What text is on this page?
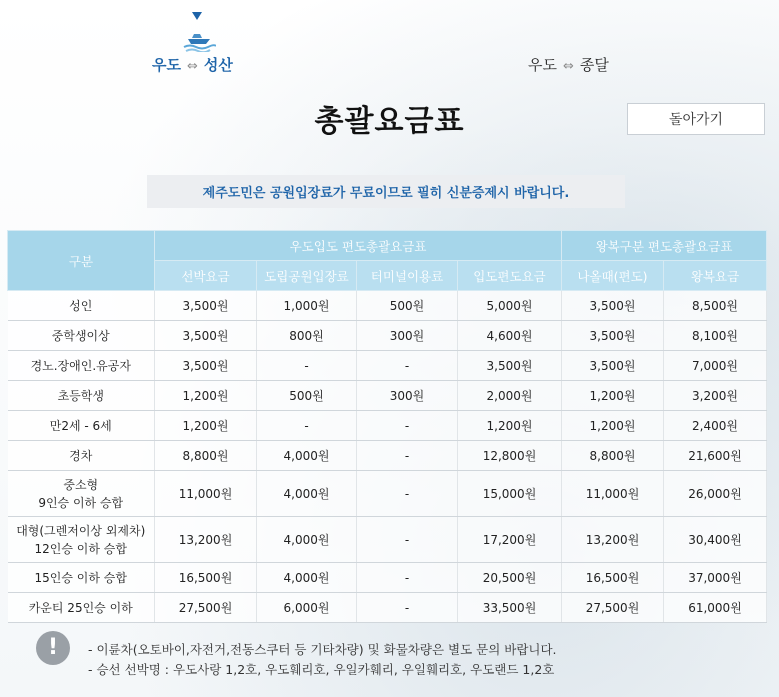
우도 ⇔ 성산	우도 ⇔ 종달
총괄요금표	돌아가기
제주도민은 공원입장료가 무료이므로 필히 신분증제시 바랍니다.
구분	우도입도 편도총괄요금표				왕복구분 편도총괄요금표	
	선박요금	도립공원입장료	터미널이용료	입도편도요금	나올때(편도)	왕복요금

성인	3,500원	1,000원	500원	5,000원	3,500원	8,500원

중학생이상	3,500원	800원	300원	4,600원	3,500원	8,100원

경노.장애인.유공자	3,500원	-	-	3,500원	3,500원	7,000원

초등학생	1,200원	500원	300원	2,000원	1,200원	3,200원

만2세 - 6세	1,200원	-	-	1,200원	1,200원	2,400원

경차	8,800원	4,000원	-	12,800원	8,800원	21,600원

중소형
9인승 이하 승합	11,000원	4,000원	-	15,000원	11,000원	26,000원

대형(그렌저이상 외제차)
12인승 이하 승합	13,200원	4,000원	-	17,200원	13,200원	30,400원

15인승 이하 승합	16,500원	4,000원	-	20,500원	16,500원	37,000원

카운티 25인승 이하	27,500원	6,000원	-	33,500원	27,500원	61,000원
!	- 이륜차(오토바이,자전거,전동스쿠터 등 기타차량) 및 화물차량은 별도 문의 바랍니다.
- 승선 선박명 : 우도사랑 1,2호, 우도훼리호, 우일카훼리, 우일훼리호, 우도랜드 1,2호
